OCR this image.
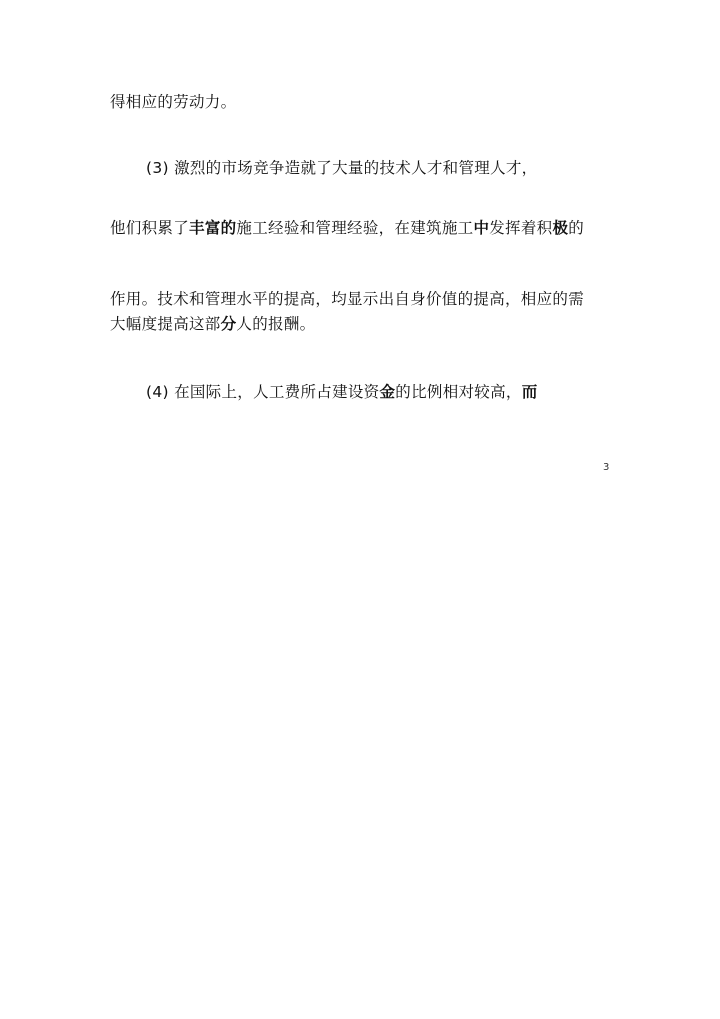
得相应的劳动力。
(3) 激烈的市场竞争造就了大量的技术人才和管理人才，
他们积累了丰富的施工经验和管理经验，在建筑施工中发挥着积极的
作用。技术和管理水平的提高，均显示出自身价值的提高，相应的需
大幅度提高这部分人的报酬。
(4) 在国际上，人工费所占建设资金的比例相对较高，而
3
